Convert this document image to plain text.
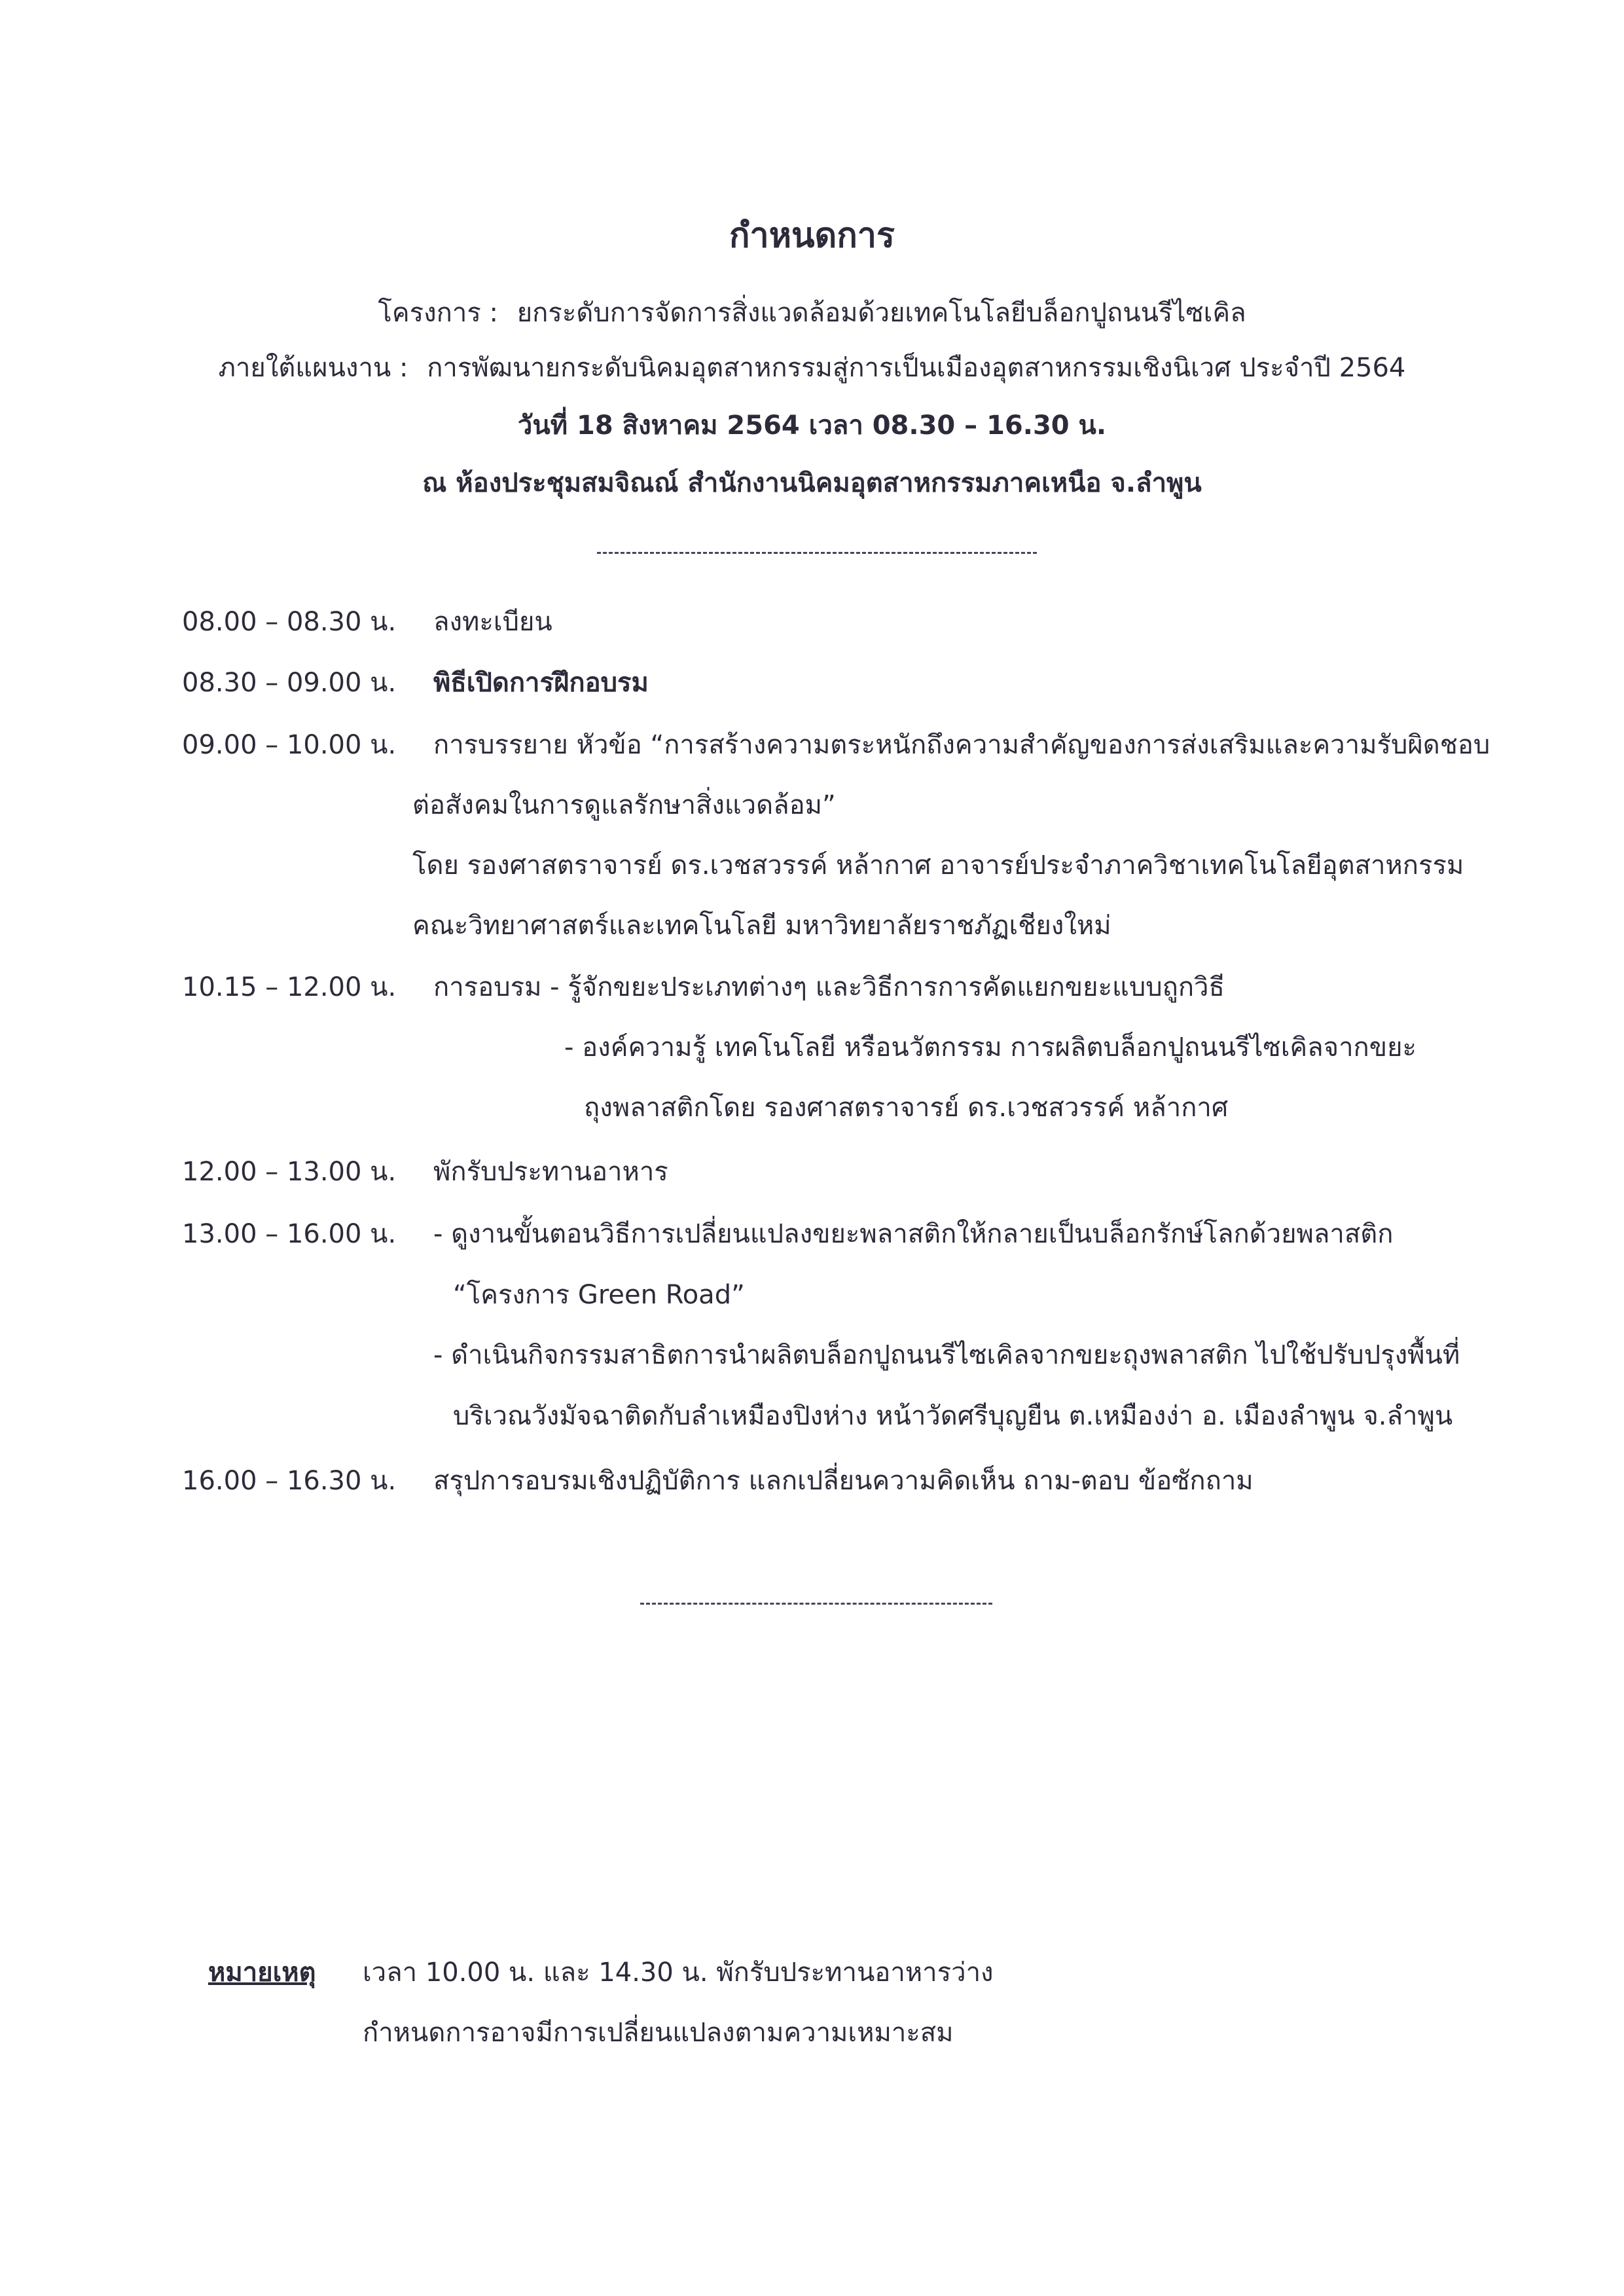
กำหนดการ
โครงการ : ยกระดับการจัดการสิ่งแวดล้อมด้วยเทคโนโลยีบล็อกปูถนนรีไซเคิล
ภายใต้แผนงาน : การพัฒนายกระดับนิคมอุตสาหกรรมสู่การเป็นเมืองอุตสาหกรรมเชิงนิเวศ ประจำปี 2564
วันที่ 18 สิงหาคม 2564 เวลา 08.30 – 16.30 น.
ณ ห้องประชุมสมจิณณ์ สำนักงานนิคมอุตสาหกรรมภาคเหนือ จ.ลำพูน
08.00 – 08.30 น. ลงทะเบียน
08.30 – 09.00 น. พิธีเปิดการฝึกอบรม
09.00 – 10.00 น. การบรรยาย หัวข้อ “การสร้างความตระหนักถึงความสำคัญของการส่งเสริมและความรับผิดชอบ
ต่อสังคมในการดูแลรักษาสิ่งแวดล้อม”
โดย รองศาสตราจารย์ ดร.เวชสวรรค์ หล้ากาศ อาจารย์ประจำภาควิชาเทคโนโลยีอุตสาหกรรม
คณะวิทยาศาสตร์และเทคโนโลยี มหาวิทยาลัยราชภัฏเชียงใหม่
10.15 – 12.00 น. การอบรม - รู้จักขยะประเภทต่างๆ และวิธีการการคัดแยกขยะแบบถูกวิธี
- องค์ความรู้ เทคโนโลยี หรือนวัตกรรม การผลิตบล็อกปูถนนรีไซเคิลจากขยะ
ถุงพลาสติกโดย รองศาสตราจารย์ ดร.เวชสวรรค์ หล้ากาศ
12.00 – 13.00 น. พักรับประทานอาหาร
13.00 – 16.00 น. - ดูงานขั้นตอนวิธีการเปลี่ยนแปลงขยะพลาสติกให้กลายเป็นบล็อกรักษ์โลกด้วยพลาสติก
“โครงการ Green Road”
- ดำเนินกิจกรรมสาธิตการนำผลิตบล็อกปูถนนรีไซเคิลจากขยะถุงพลาสติก ไปใช้ปรับปรุงพื้นที่
บริเวณวังมัจฉาติดกับลำเหมืองปิงห่าง หน้าวัดศรีบุญยืน ต.เหมืองง่า อ. เมืองลำพูน จ.ลำพูน
16.00 – 16.30 น. สรุปการอบรมเชิงปฏิบัติการ แลกเปลี่ยนความคิดเห็น ถาม-ตอบ ข้อซักถาม
หมายเหตุ เวลา 10.00 น. และ 14.30 น. พักรับประทานอาหารว่าง
กำหนดการอาจมีการเปลี่ยนแปลงตามความเหมาะสม
